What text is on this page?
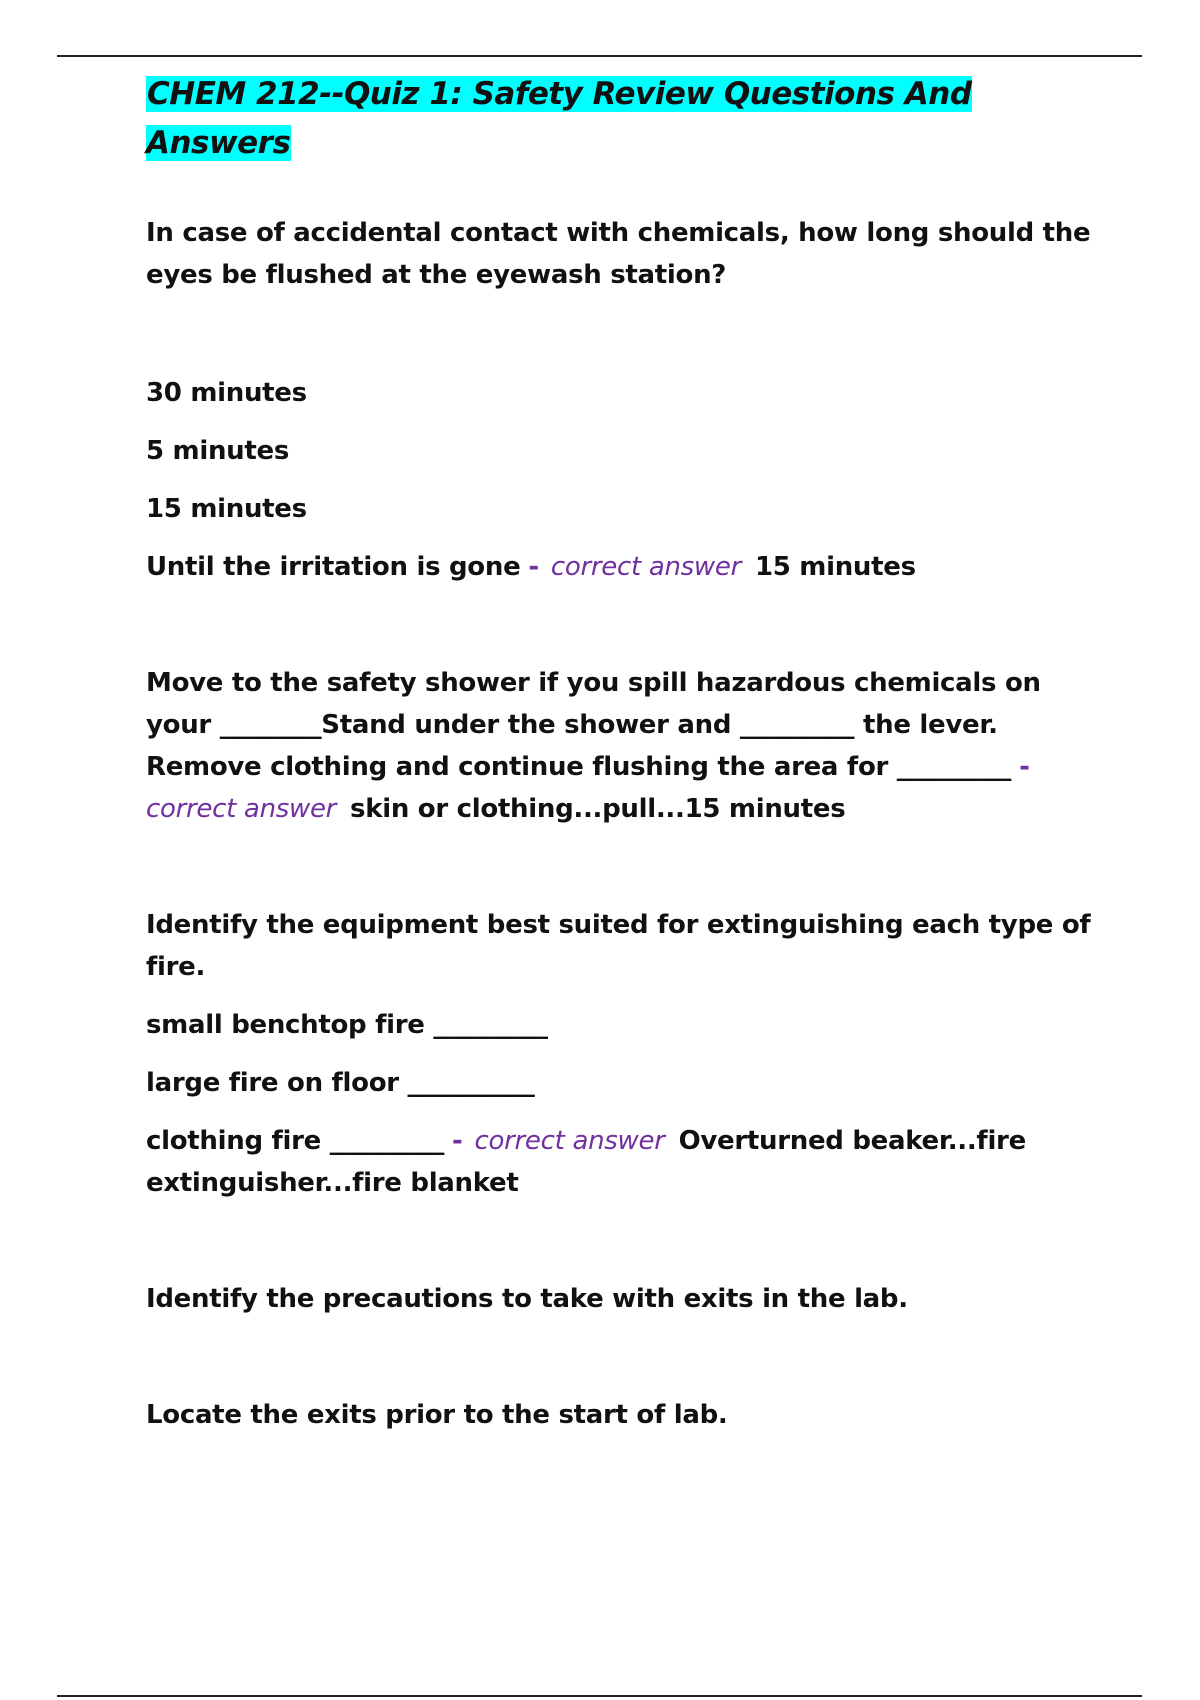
CHEM 212--Quiz 1: Safety Review Questions And Answers

In case of accidental contact with chemicals, how long should the eyes be flushed at the eyewash station?

30 minutes

5 minutes

15 minutes

Until the irritation is gone - correct answer 15 minutes

Move to the safety shower if you spill hazardous chemicals on your ________Stand under the shower and _________ the lever. Remove clothing and continue flushing the area for _________ -correct answer skin or clothing...pull...15 minutes

Identify the equipment best suited for extinguishing each type of fire.

small benchtop fire _________

large fire on floor __________

clothing fire _________ - correct answer Overturned beaker...fire extinguisher...fire blanket

Identify the precautions to take with exits in the lab.

Locate the exits prior to the start of lab.
